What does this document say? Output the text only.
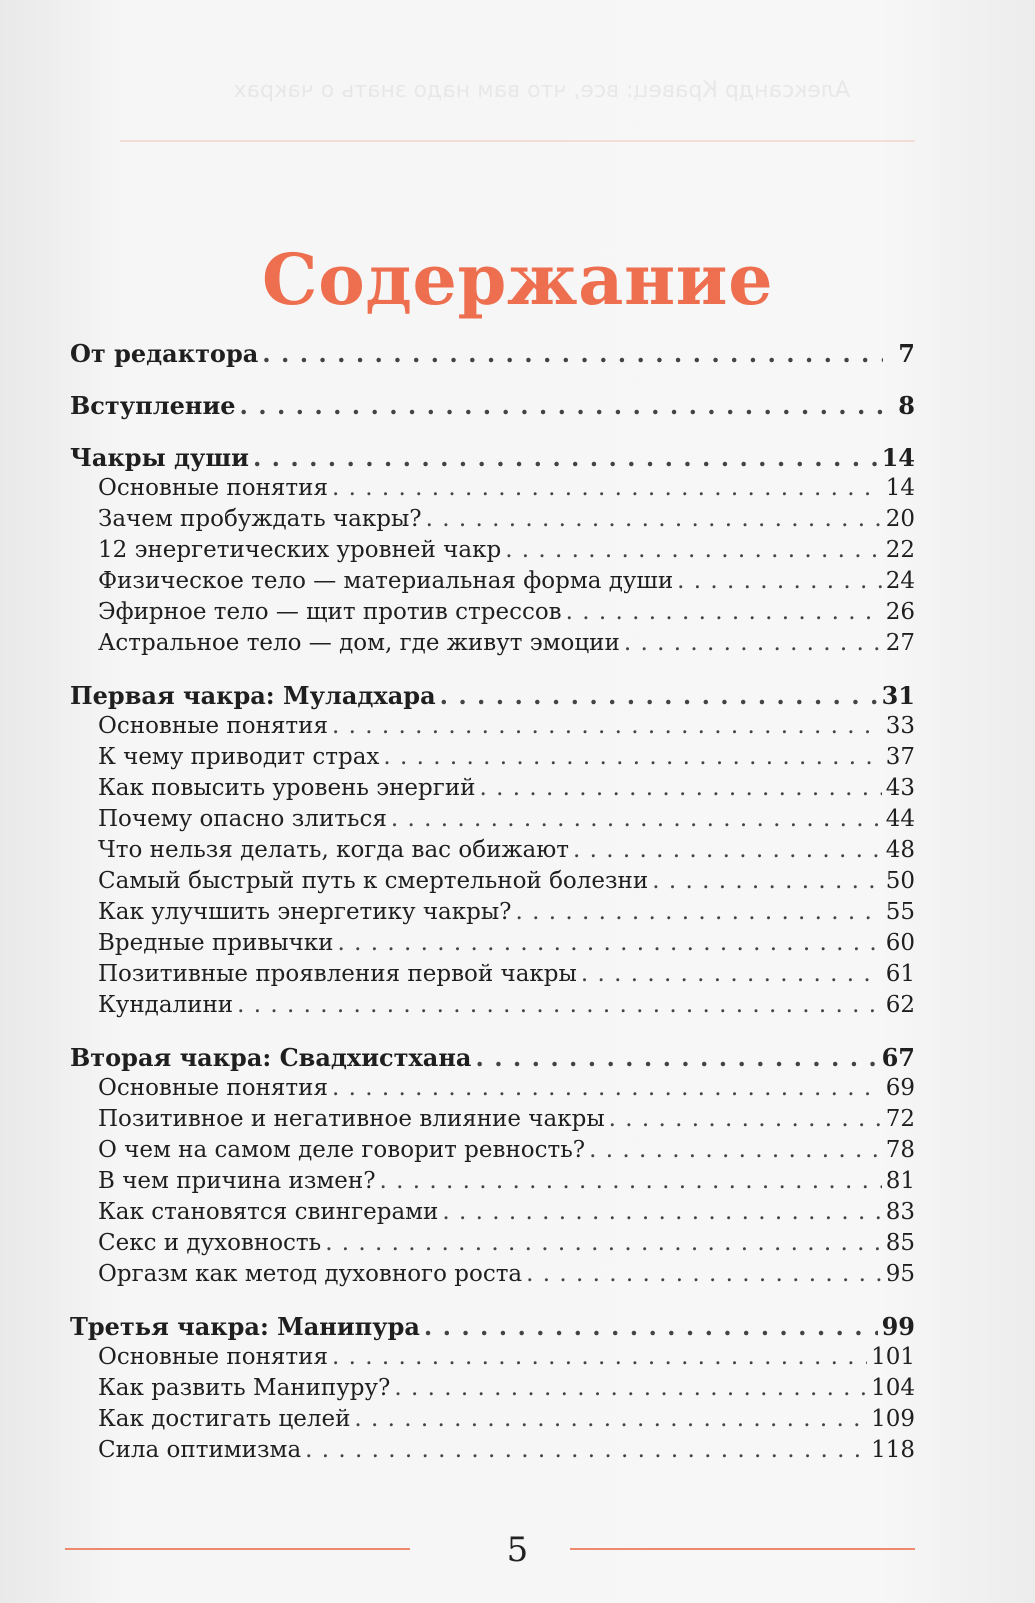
Александр Кравец: все, что вам надо знать о чакрах
Содержание
От редактора . . .	7
Вступление . . .	8
Чакры души . . .	14
Основные понятия . . .	14
Зачем пробуждать чакры? . . .	20
12 энергетических уровней чакр . . .	22
Физическое тело — материальная форма души . . .	24
Эфирное тело — щит против стрессов . . .	26
Астральное тело — дом, где живут эмоции . . .	27
Первая чакра: Муладхара . . .	31
Основные понятия . . .	33
К чему приводит страх . . .	37
Как повысить уровень энергий . . .	43
Почему опасно злиться . . .	44
Что нельзя делать, когда вас обижают . . .	48
Самый быстрый путь к смертельной болезни . . .	50
Как улучшить энергетику чакры? . . .	55
Вредные привычки . . .	60
Позитивные проявления первой чакры . . .	61
Кундалини . . .	62
Вторая чакра: Свадхистхана . . .	67
Основные понятия . . .	69
Позитивное и негативное влияние чакры . . .	72
О чем на самом деле говорит ревность? . . .	78
В чем причина измен? . . .	81
Как становятся свингерами . . .	83
Секс и духовность . . .	85
Оргазм как метод духовного роста . . .	95
Третья чакра: Манипура . . .	99
Основные понятия . . .	101
Как развить Манипуру? . . .	104
Как достигать целей . . .	109
Сила оптимизма . . .	118
5
